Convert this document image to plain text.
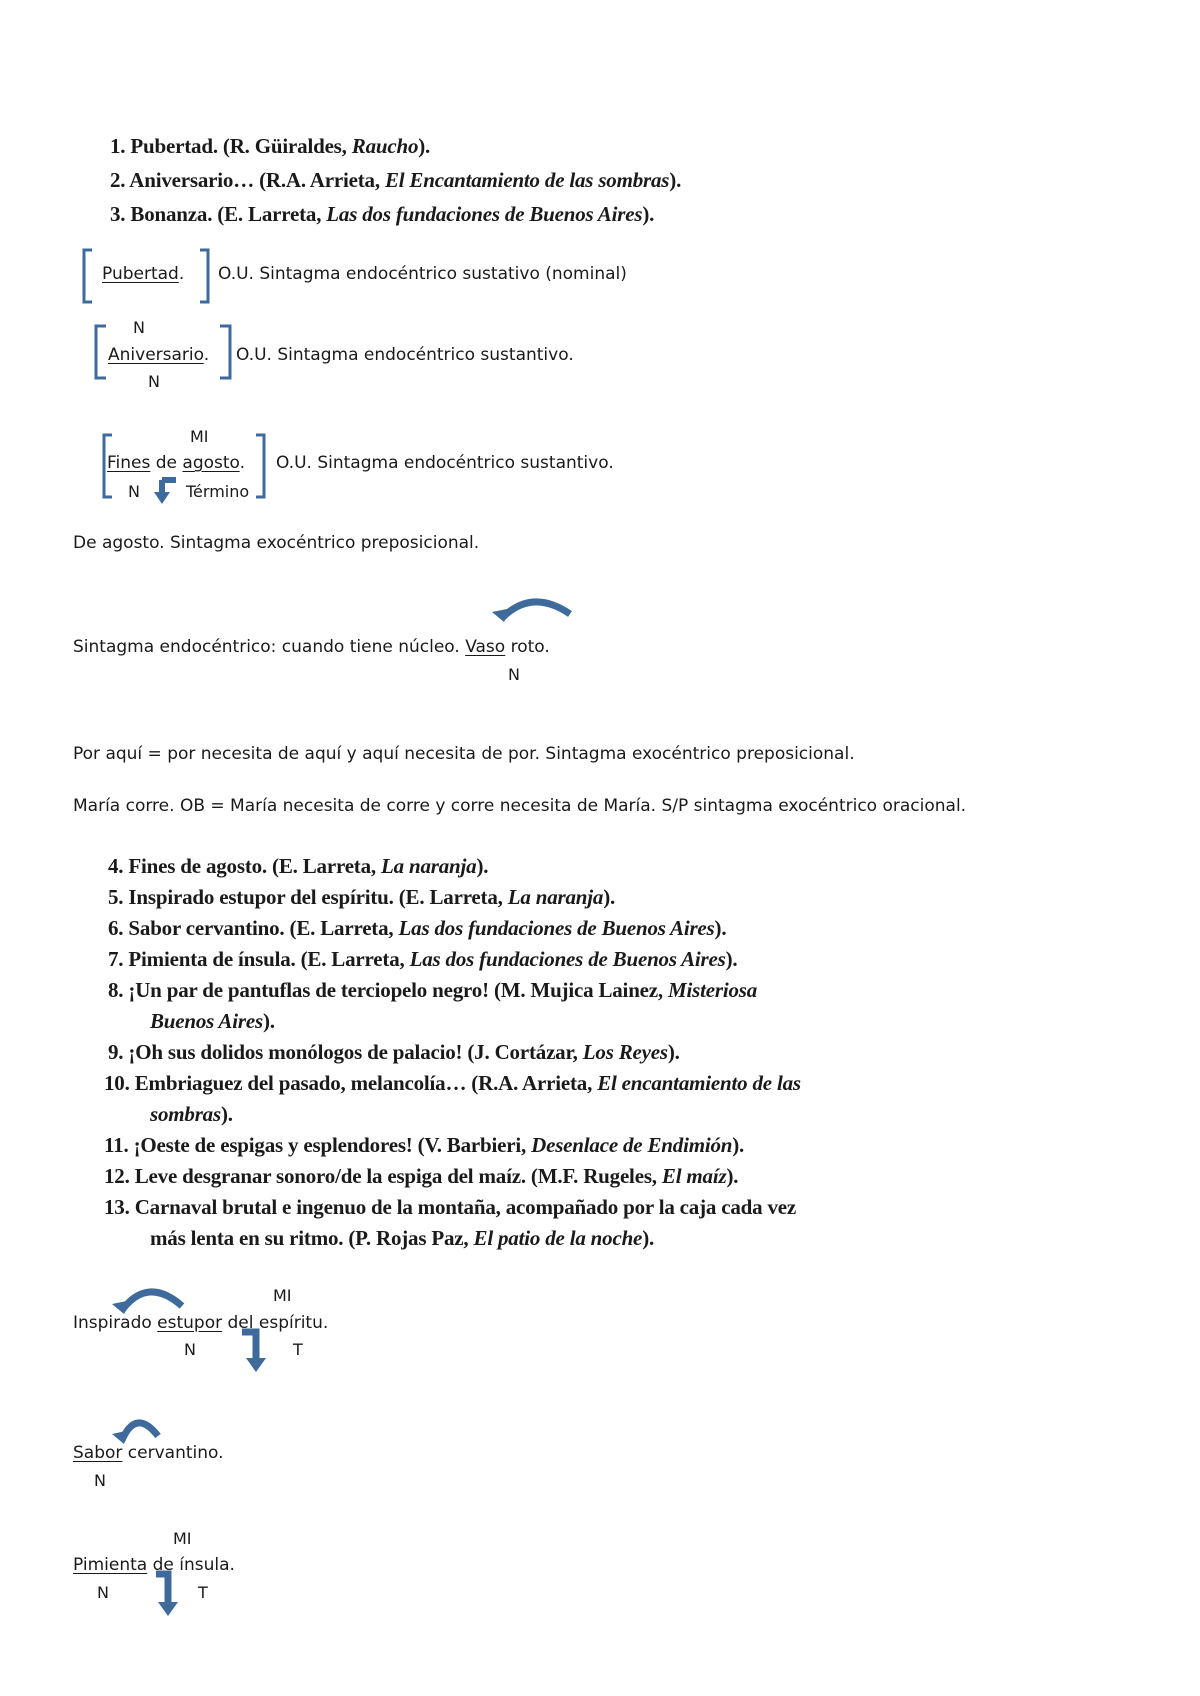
1. Pubertad. (R. Güiraldes, Raucho).
2. Aniversario… (R.A. Arrieta, El Encantamiento de las sombras).
3. Bonanza. (E. Larreta, Las dos fundaciones de Buenos Aires).
Pubertad. O.U. Sintagma endocéntrico sustativo (nominal)
N
Aniversario. O.U. Sintagma endocéntrico sustantivo.
N
MI
Fines de agosto. O.U. Sintagma endocéntrico sustantivo.
N	Término
De agosto. Sintagma exocéntrico preposicional.
Sintagma endocéntrico: cuando tiene núcleo. Vaso roto.
N
Por aquí = por necesita de aquí y aquí necesita de por. Sintagma exocéntrico preposicional.
María corre. OB = María necesita de corre y corre necesita de María. S/P sintagma exocéntrico oracional.
4. Fines de agosto. (E. Larreta, La naranja).
5. Inspirado estupor del espíritu. (E. Larreta, La naranja).
6. Sabor cervantino. (E. Larreta, Las dos fundaciones de Buenos Aires).
7. Pimienta de ínsula. (E. Larreta, Las dos fundaciones de Buenos Aires).
8. ¡Un par de pantuflas de terciopelo negro! (M. Mujica Lainez, Misteriosa
Buenos Aires).
9. ¡Oh sus dolidos monólogos de palacio! (J. Cortázar, Los Reyes).
10. Embriaguez del pasado, melancolía… (R.A. Arrieta, El encantamiento de las
sombras).
11. ¡Oeste de espigas y esplendores! (V. Barbieri, Desenlace de Endimión).
12. Leve desgranar sonoro/de la espiga del maíz. (M.F. Rugeles, El maíz).
13. Carnaval brutal e ingenuo de la montaña, acompañado por la caja cada vez
más lenta en su ritmo. (P. Rojas Paz, El patio de la noche).
MI
Inspirado estupor del espíritu.
N	T
Sabor cervantino.
N
MI
Pimienta de ínsula.
N	T
